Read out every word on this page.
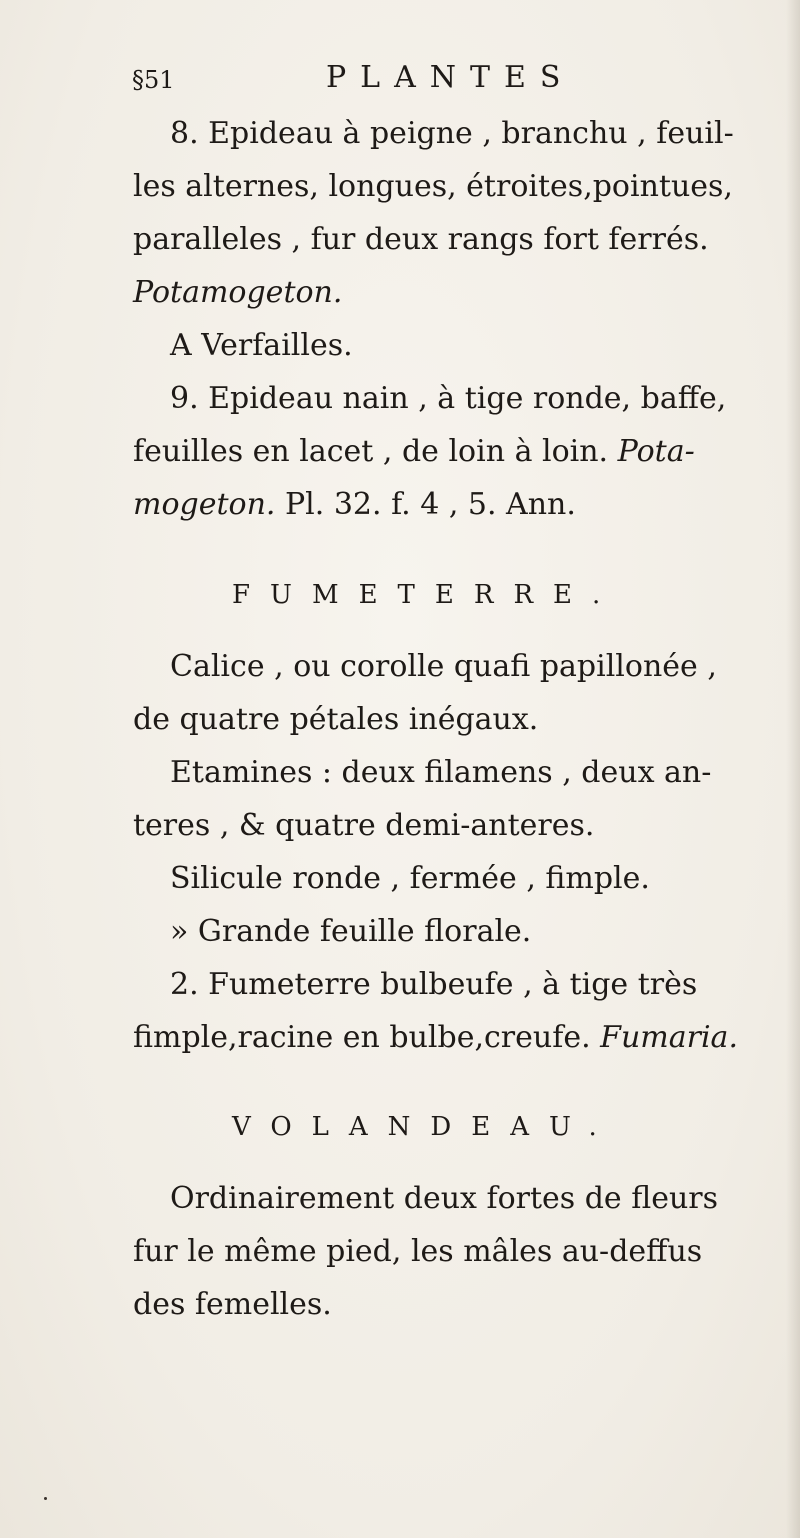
§51	PLANTES
8. Epideau à peigne , branchu , feuil-
les alternes, longues, étroites,pointues,
paralleles , fur deux rangs fort ferrés.
Potamogeton.
A Verfailles.
9. Epideau nain , à tige ronde, baffe,
feuilles en lacet , de loin à loin. Pota-
mogeton. Pl. 32. f. 4 , 5. Ann.
FUMETERRE.
Calice , ou corolle quafi papillonée ,
de quatre pétales inégaux.
Etamines : deux filamens , deux an-
teres , & quatre demi-anteres.
Silicule ronde , fermée , fimple.
» Grande feuille florale.
2. Fumeterre bulbeufe , à tige très
fimple,racine en bulbe,creufe. Fumaria.
VOLANDEAU.
Ordinairement deux fortes de fleurs
fur le même pied, les mâles au-deffus
des femelles.
